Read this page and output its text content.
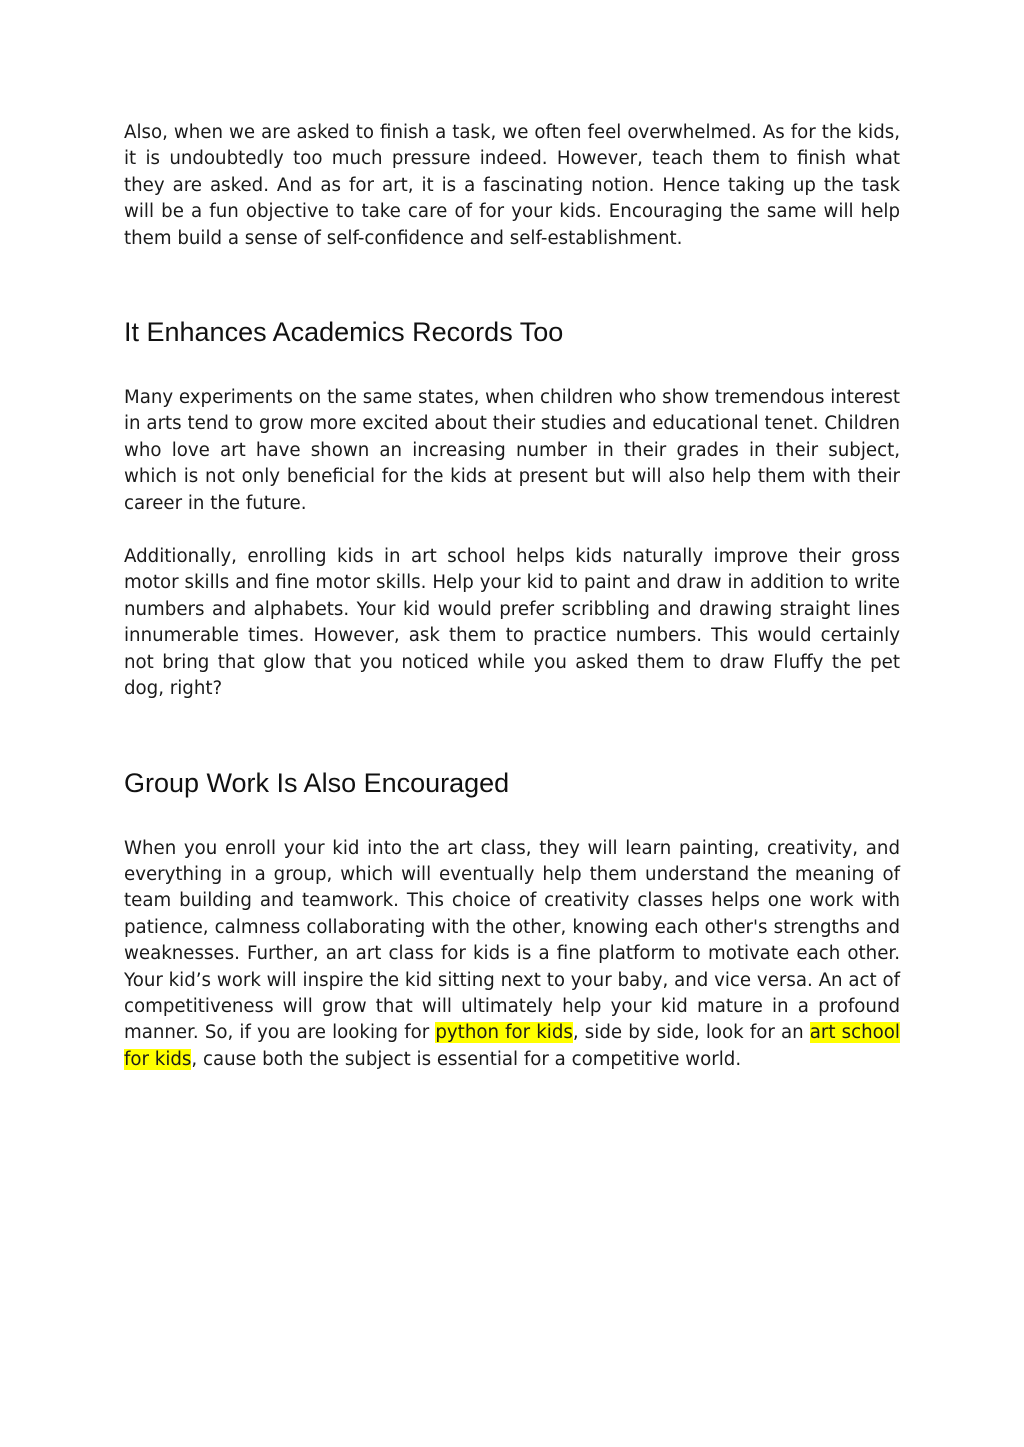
Also, when we are asked to finish a task, we often feel overwhelmed. As for the kids, it is undoubtedly too much pressure indeed. However, teach them to finish what they are asked. And as for art, it is a fascinating notion. Hence taking up the task will be a fun objective to take care of for your kids. Encouraging the same will help them build a sense of self-confidence and self-establishment.

It Enhances Academics Records Too

Many experiments on the same states, when children who show tremendous interest in arts tend to grow more excited about their studies and educational tenet. Children who love art have shown an increasing number in their grades in their subject, which is not only beneficial for the kids at present but will also help them with their career in the future.

Additionally, enrolling kids in art school helps kids naturally improve their gross motor skills and fine motor skills. Help your kid to paint and draw in addition to write numbers and alphabets. Your kid would prefer scribbling and drawing straight lines innumerable times. However, ask them to practice numbers. This would certainly not bring that glow that you noticed while you asked them to draw Fluffy the pet dog, right?

Group Work Is Also Encouraged

When you enroll your kid into the art class, they will learn painting, creativity, and everything in a group, which will eventually help them understand the meaning of team building and teamwork. This choice of creativity classes helps one work with patience, calmness collaborating with the other, knowing each other's strengths and weaknesses. Further, an art class for kids is a fine platform to motivate each other. Your kid’s work will inspire the kid sitting next to your baby, and vice versa. An act of competitiveness will grow that will ultimately help your kid mature in a profound manner. So, if you are looking for python for kids, side by side, look for an art school for kids, cause both the subject is essential for a competitive world.
